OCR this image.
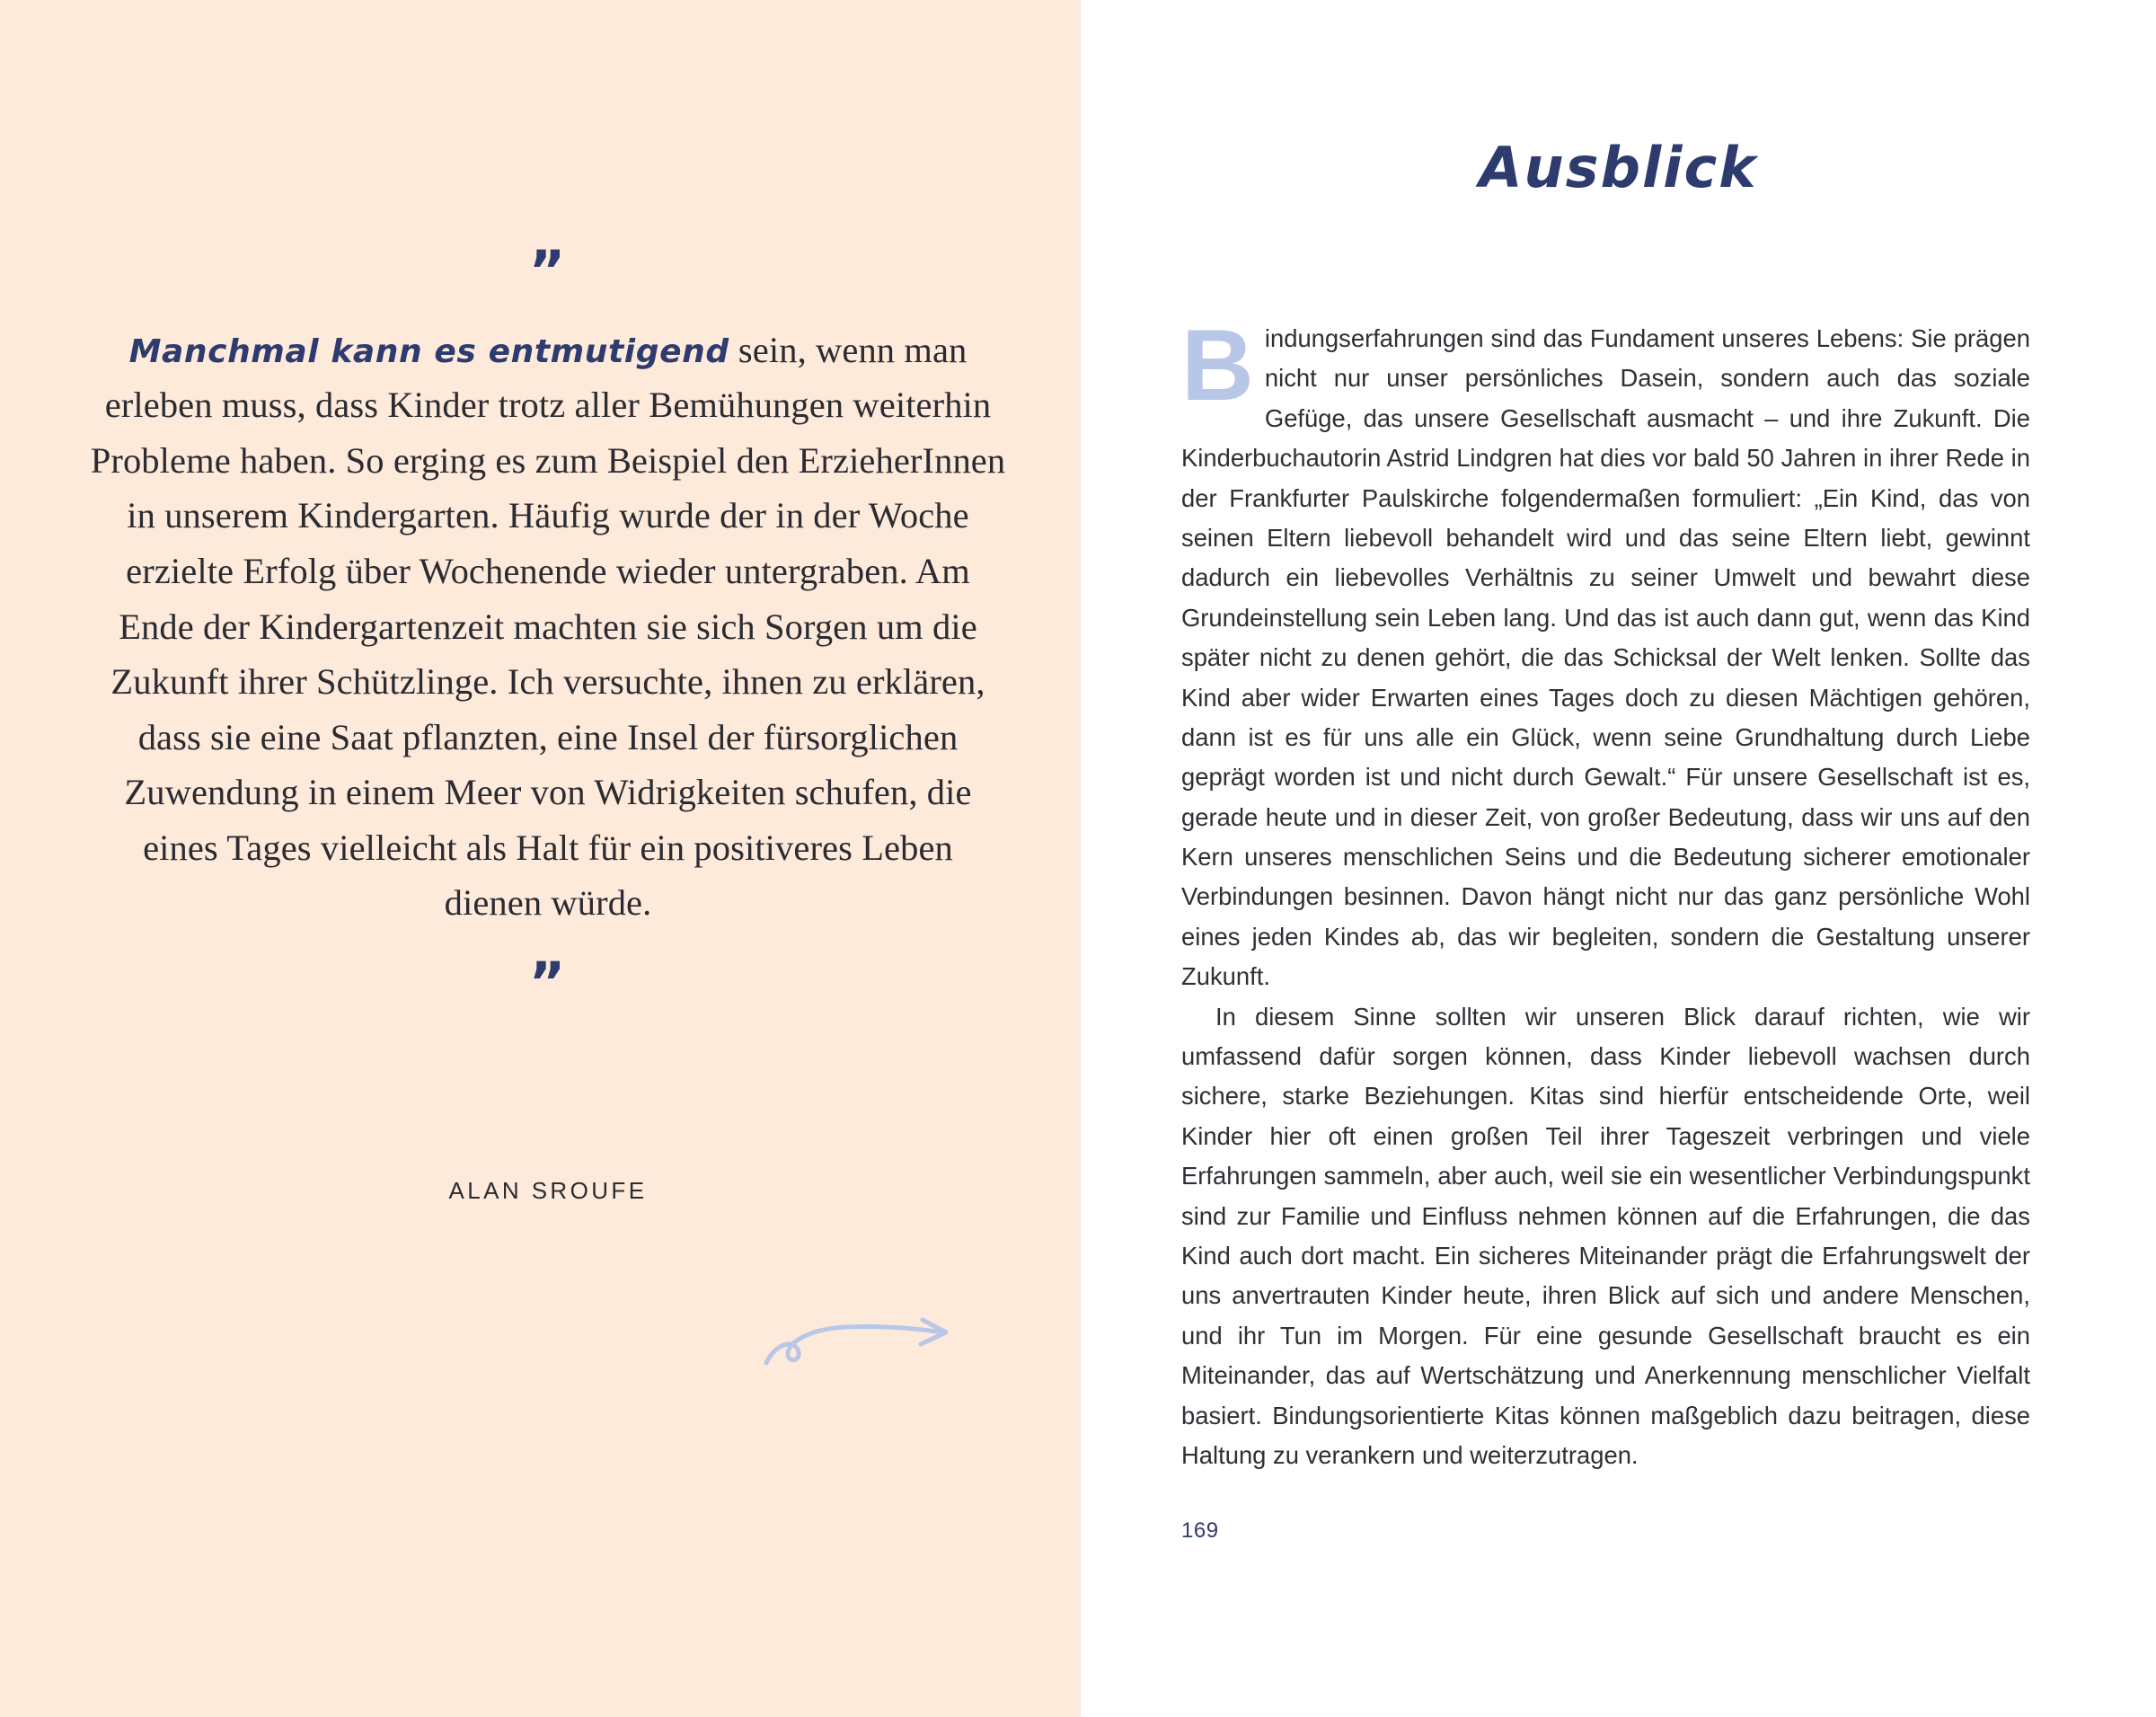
”
Manchmal kann es entmutigend sein, wenn man erleben muss, dass Kinder trotz aller Bemühungen weiterhin Probleme haben. So erging es zum Beispiel den ErzieherInnen in unserem Kindergarten. Häufig wurde der in der Woche erzielte Erfolg über Wochenende wieder untergraben. Am Ende der Kindergartenzeit machten sie sich Sorgen um die Zukunft ihrer Schützlinge. Ich versuchte, ihnen zu erklären, dass sie eine Saat pflanzten, eine Insel der fürsorglichen Zuwendung in einem Meer von Widrigkeiten schufen, die eines Tages vielleicht als Halt für ein positiveres Leben dienen würde.
”
ALAN SROUFE
Ausblick

Bindungserfahrungen sind das Fundament unseres Lebens: Sie prägen nicht nur unser persönliches Dasein, sondern auch das soziale Gefüge, das unsere Gesellschaft ausmacht – und ihre Zukunft. Die Kinderbuchautorin Astrid Lindgren hat dies vor bald 50 Jahren in ihrer Rede in der Frankfurter Paulskirche folgendermaßen formuliert: „Ein Kind, das von seinen Eltern liebevoll behandelt wird und das seine Eltern liebt, gewinnt dadurch ein liebevolles Verhältnis zu seiner Umwelt und bewahrt diese Grundeinstellung sein Leben lang. Und das ist auch dann gut, wenn das Kind später nicht zu denen gehört, die das Schicksal der Welt lenken. Sollte das Kind aber wider Erwarten eines Tages doch zu diesen Mächtigen gehören, dann ist es für uns alle ein Glück, wenn seine Grundhaltung durch Liebe geprägt worden ist und nicht durch Gewalt.“ Für unsere Gesellschaft ist es, gerade heute und in dieser Zeit, von großer Bedeutung, dass wir uns auf den Kern unseres menschlichen Seins und die Bedeutung sicherer emotionaler Verbindungen besinnen. Davon hängt nicht nur das ganz persönliche Wohl eines jeden Kindes ab, das wir begleiten, sondern die Gestaltung unserer Zukunft.

In diesem Sinne sollten wir unseren Blick darauf richten, wie wir umfassend dafür sorgen können, dass Kinder liebevoll wachsen durch sichere, starke Beziehungen. Kitas sind hierfür entscheidende Orte, weil Kinder hier oft einen großen Teil ihrer Tageszeit verbringen und viele Erfahrungen sammeln, aber auch, weil sie ein wesentlicher Verbindungspunkt sind zur Familie und Einfluss nehmen können auf die Erfahrungen, die das Kind auch dort macht. Ein sicheres Miteinander prägt die Erfahrungswelt der uns anvertrauten Kinder heute, ihren Blick auf sich und andere Menschen, und ihr Tun im Morgen. Für eine gesunde Gesellschaft braucht es ein Miteinander, das auf Wertschätzung und Anerkennung menschlicher Vielfalt basiert. Bindungsorientierte Kitas können maßgeblich dazu beitragen, diese Haltung zu verankern und weiterzutragen.

169
